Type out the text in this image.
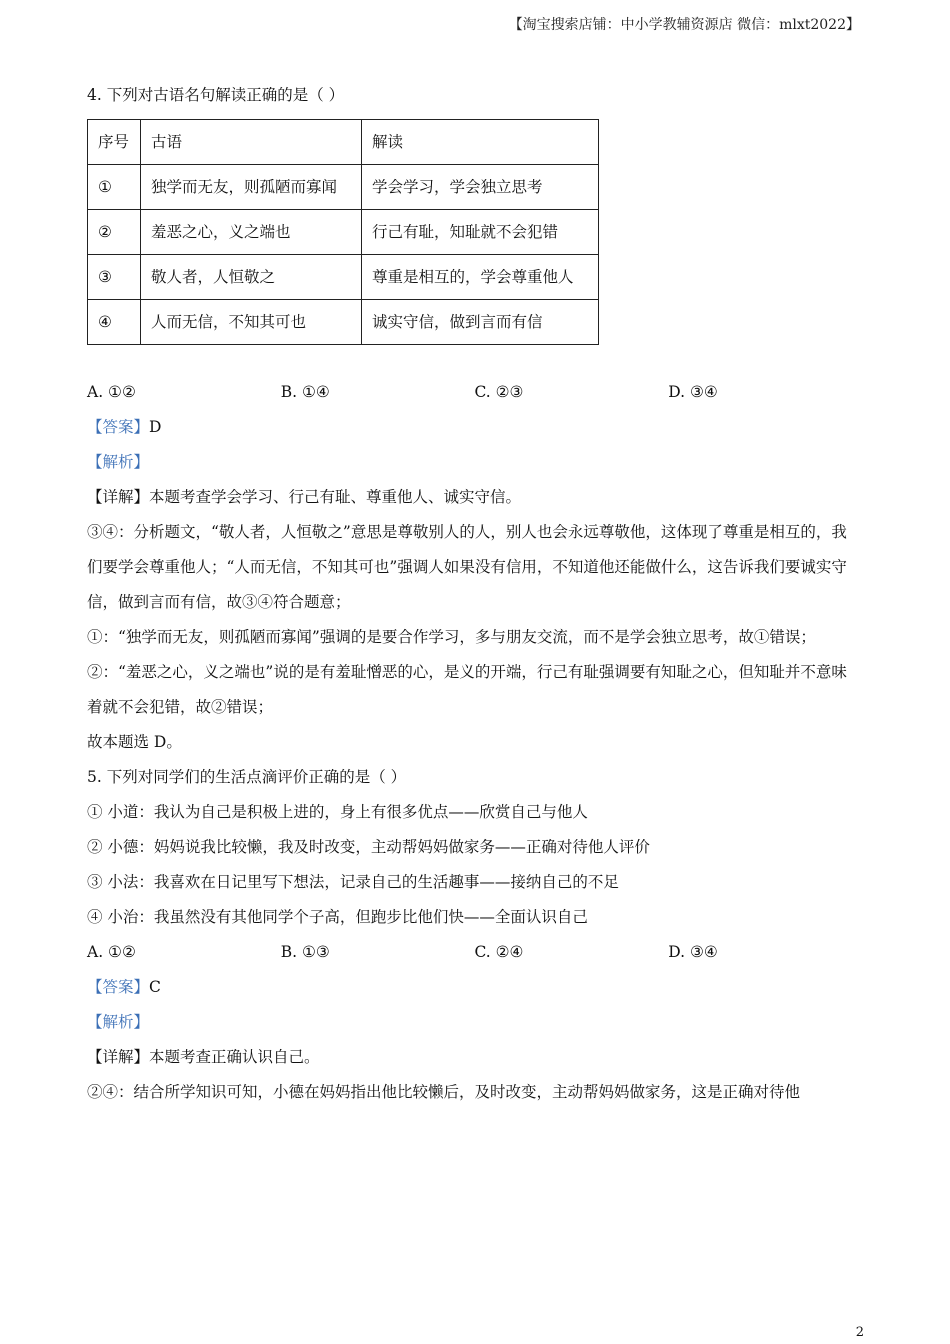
【淘宝搜索店铺：中小学教辅资源店 微信：mlxt2022】
4. 下列对古语名句解读正确的是（ ）
序号	古语	解读
①	独学而无友，则孤陋而寡闻	学会学习，学会独立思考
②	羞恶之心，义之端也	行己有耻，知耻就不会犯错
③	敬人者，人恒敬之	尊重是相互的，学会尊重他人
④	人而无信，不知其可也	诚实守信，做到言而有信
A. ①②	B. ①④	C. ②③	D. ③④
【答案】D
【解析】
【详解】本题考查学会学习、行己有耻、尊重他人、诚实守信。
③④：分析题文，“敬人者，人恒敬之”意思是尊敬别人的人，别人也会永远尊敬他，这体现了尊重是相互的，我们要学会尊重他人；“人而无信，不知其可也”强调人如果没有信用，不知道他还能做什么，这告诉我们要诚实守信，做到言而有信，故③④符合题意；
①：“独学而无友，则孤陋而寡闻”强调的是要合作学习，多与朋友交流，而不是学会独立思考，故①错误；
②：“羞恶之心，义之端也”说的是有羞耻憎恶的心，是义的开端，行己有耻强调要有知耻之心，但知耻并不意味着就不会犯错，故②错误；
故本题选 D。
5. 下列对同学们的生活点滴评价正确的是（ ）
① 小道：我认为自己是积极上进的，身上有很多优点——欣赏自己与他人
② 小德：妈妈说我比较懒，我及时改变，主动帮妈妈做家务——正确对待他人评价
③ 小法：我喜欢在日记里写下想法，记录自己的生活趣事——接纳自己的不足
④ 小治：我虽然没有其他同学个子高，但跑步比他们快——全面认识自己
A. ①②	B. ①③	C. ②④	D. ③④
【答案】C
【解析】
【详解】本题考查正确认识自己。
②④：结合所学知识可知，小德在妈妈指出他比较懒后，及时改变，主动帮妈妈做家务，这是正确对待他
2
